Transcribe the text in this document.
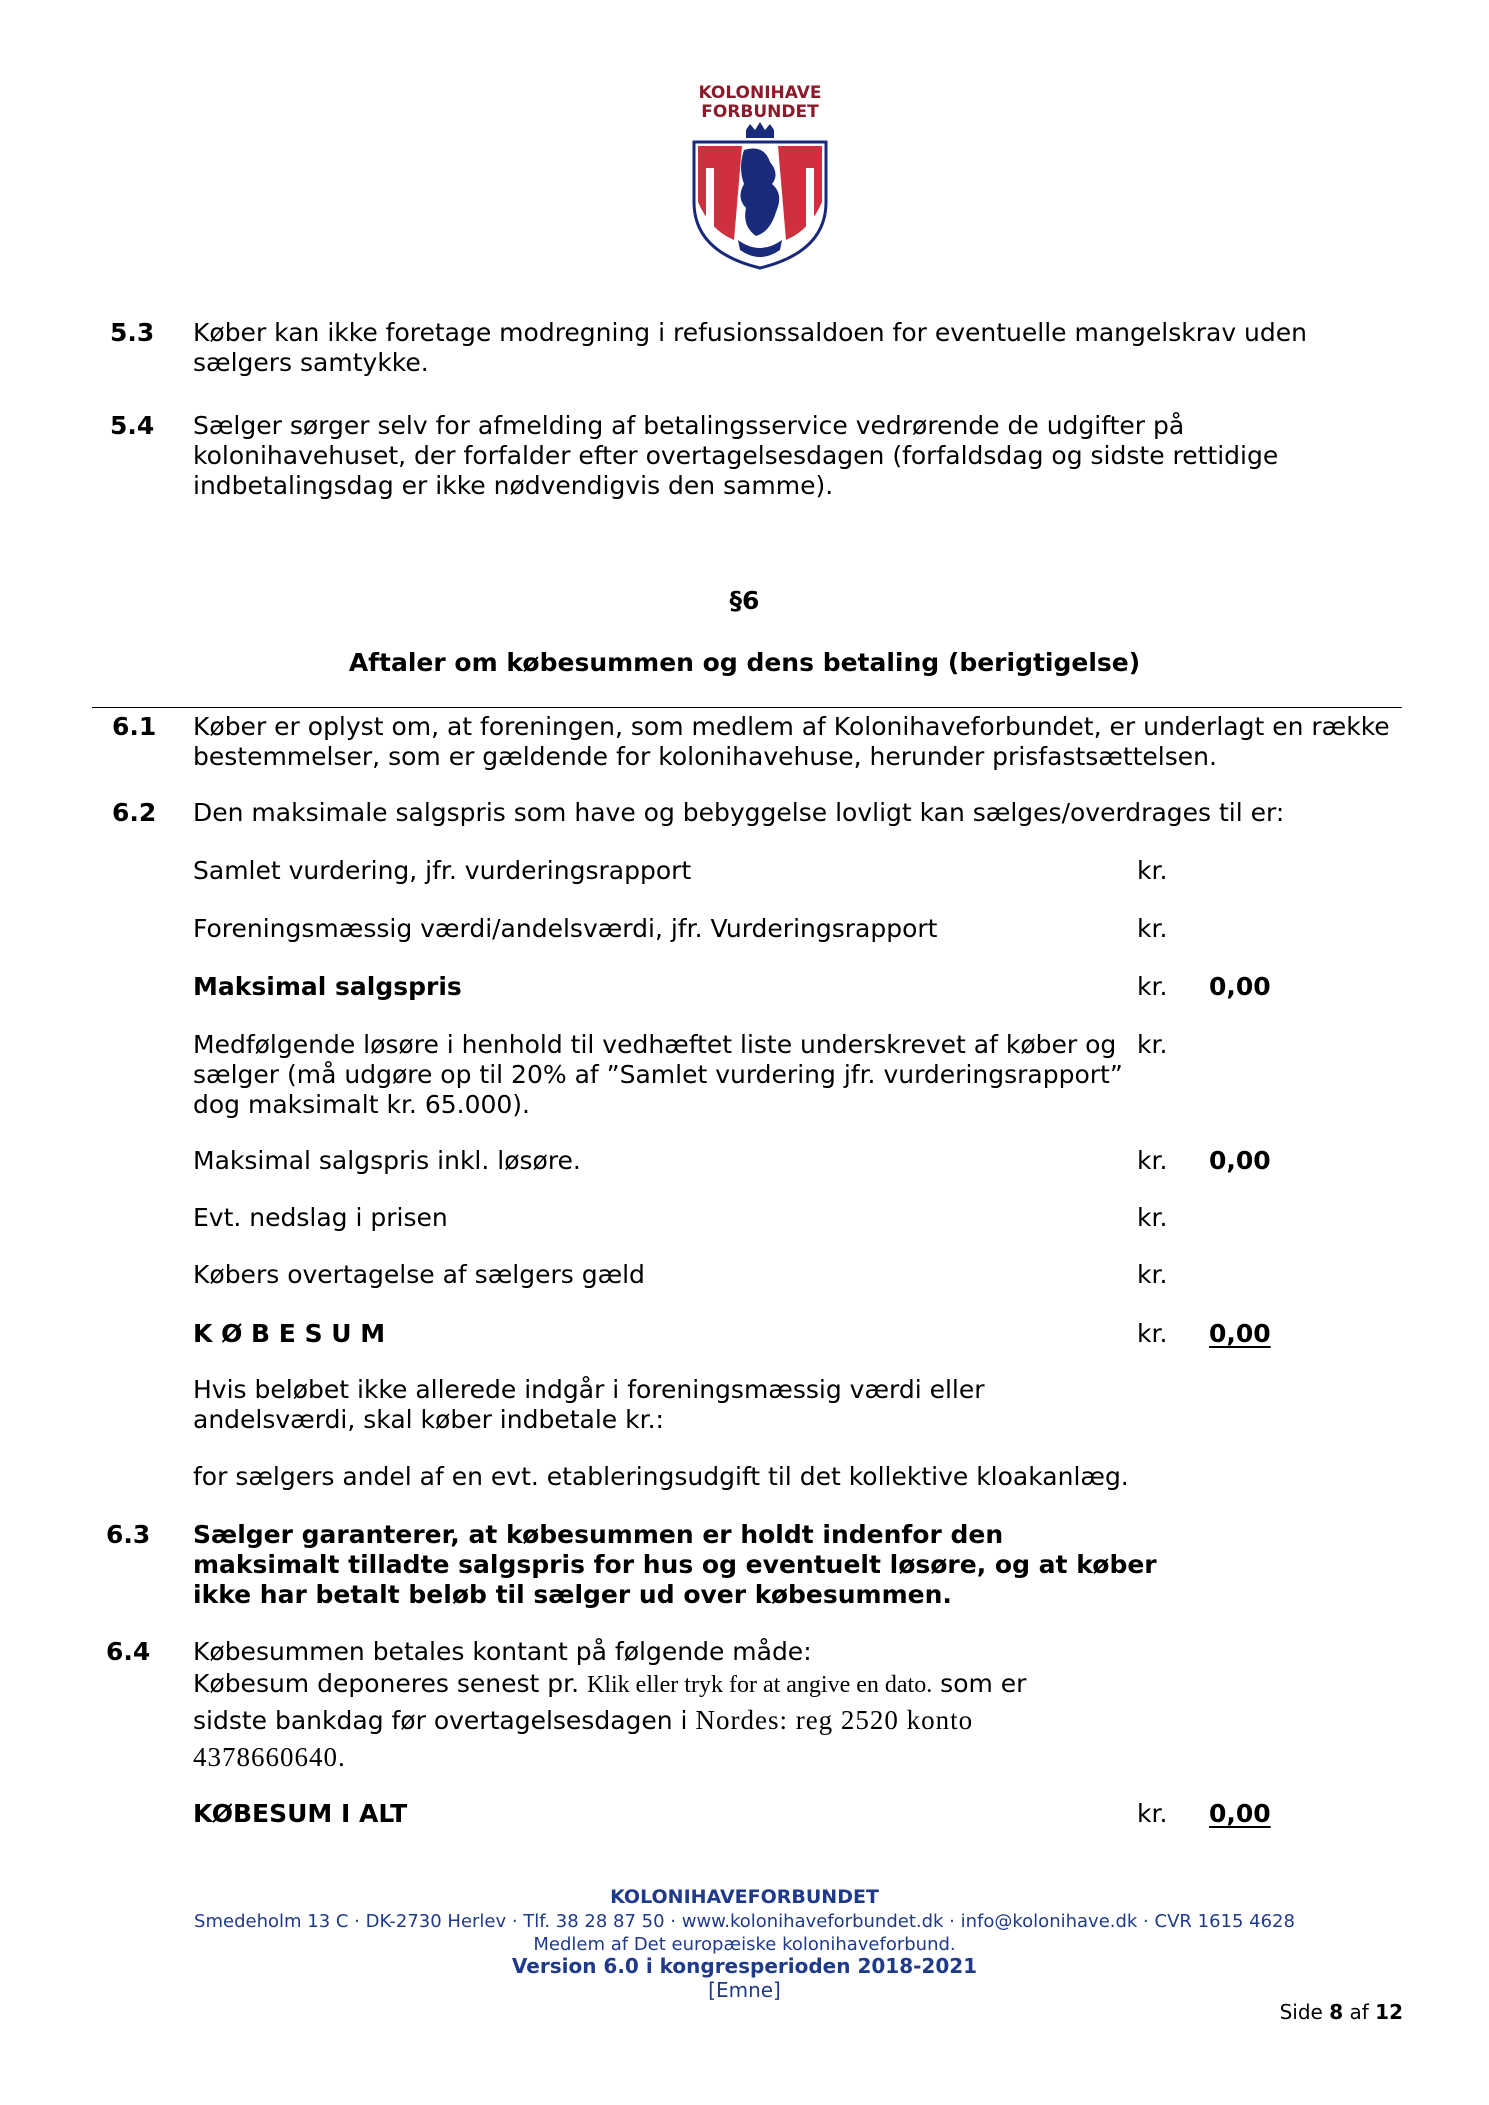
KOLONIHAVE
FORBUNDET
5.3 Køber kan ikke foretage modregning i refusionssaldoen for eventuelle mangelskrav uden
sælgers samtykke.
5.4 Sælger sørger selv for afmelding af betalingsservice vedrørende de udgifter på
kolonihavehuset, der forfalder efter overtagelsesdagen (forfaldsdag og sidste rettidige
indbetalingsdag er ikke nødvendigvis den samme).
§6
Aftaler om købesummen og dens betaling (berigtigelse)
6.1 Køber er oplyst om, at foreningen, som medlem af Kolonihaveforbundet, er underlagt en række
bestemmelser, som er gældende for kolonihavehuse, herunder prisfastsættelsen.
6.2 Den maksimale salgspris som have og bebyggelse lovligt kan sælges/overdrages til er:
Samlet vurdering, jfr. vurderingsrapport	kr.
Foreningsmæssig værdi/andelsværdi, jfr. Vurderingsrapport	kr.
Maksimal salgspris	kr. 0,00
Medfølgende løsøre i henhold til vedhæftet liste underskrevet af køber og
sælger (må udgøre op til 20% af ”Samlet vurdering jfr. vurderingsrapport”
dog maksimalt kr. 65.000).
kr.
Maksimal salgspris inkl. løsøre.	kr. 0,00
Evt. nedslag i prisen	kr.
Købers overtagelse af sælgers gæld	kr.
K Ø B E S U M	kr. 0,00
Hvis beløbet ikke allerede indgår i foreningsmæssig værdi eller
andelsværdi, skal køber indbetale kr.:
for sælgers andel af en evt. etableringsudgift til det kollektive kloakanlæg.
6.3 Sælger garanterer, at købesummen er holdt indenfor den
maksimalt tilladte salgspris for hus og eventuelt løsøre, og at køber
ikke har betalt beløb til sælger ud over købesummen.
6.4 Købesummen betales kontant på følgende måde:
Købesum deponeres senest pr. Klik eller tryk for at angive en dato. som er
sidste bankdag før overtagelsesdagen i Nordes: reg 2520 konto
4378660640.
KØBESUM I ALT	kr. 0,00
KOLONIHAVEFORBUNDET
Smedeholm 13 C · DK-2730 Herlev · Tlf. 38 28 87 50 · www.kolonihaveforbundet.dk · info@kolonihave.dk · CVR 1615 4628
Medlem af Det europæiske kolonihaveforbund.
Version 6.0 i kongresperioden 2018-2021
[Emne]
Side 8 af 12
